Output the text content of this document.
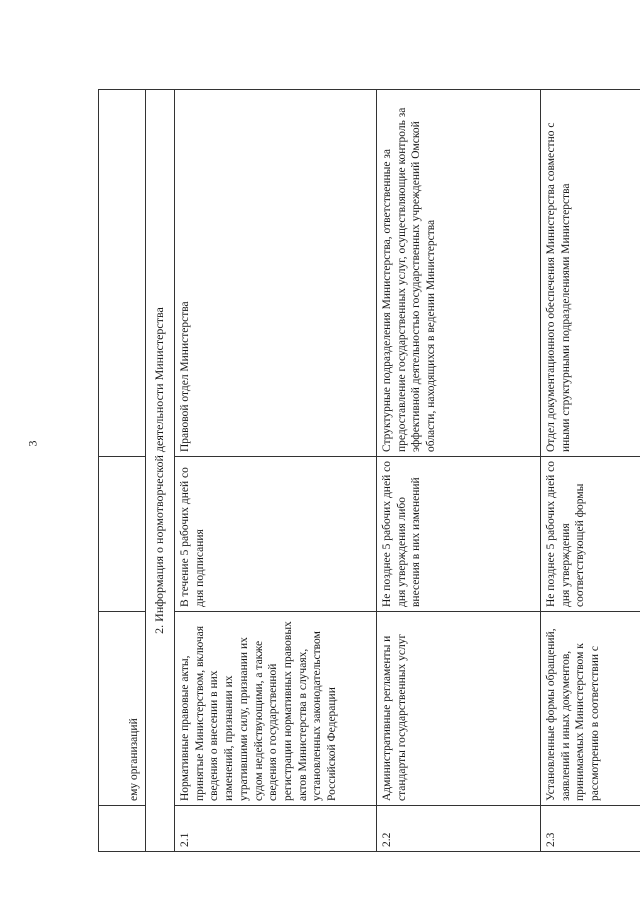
3
	ему организаций		
2. Информация о нормотворческой деятельности Министерства			
2.1	Нормативные правовые акты, принятые Министерством, включая сведения о внесении в них изменений, признании их утратившими силу, признании их судом недействующими, а также сведения о государственной регистрации нормативных правовых актов Министерства в случаях, установленных законодательством Российской Федерации	В течение 5 рабочих дней со дня подписания	Правовой отдел Министерства
2.2	Административные регламенты и стандарты государственных услуг	Не позднее 5 рабочих дней со дня утверждения либо внесения в них изменений	Структурные подразделения Министерства, ответственные за предоставление государственных услуг, осуществляющие контроль за эффективной деятельностью государственных учреждений Омской области, находящихся в ведении Министерства
2.3	Установленные формы обращений, заявлений и иных документов, принимаемых Министерством к рассмотрению в соответствии с	Не позднее 5 рабочих дней со дня утверждения соответствующей формы	Отдел документационного обеспечения Министерства совместно с иными структурными подразделениями Министерства
